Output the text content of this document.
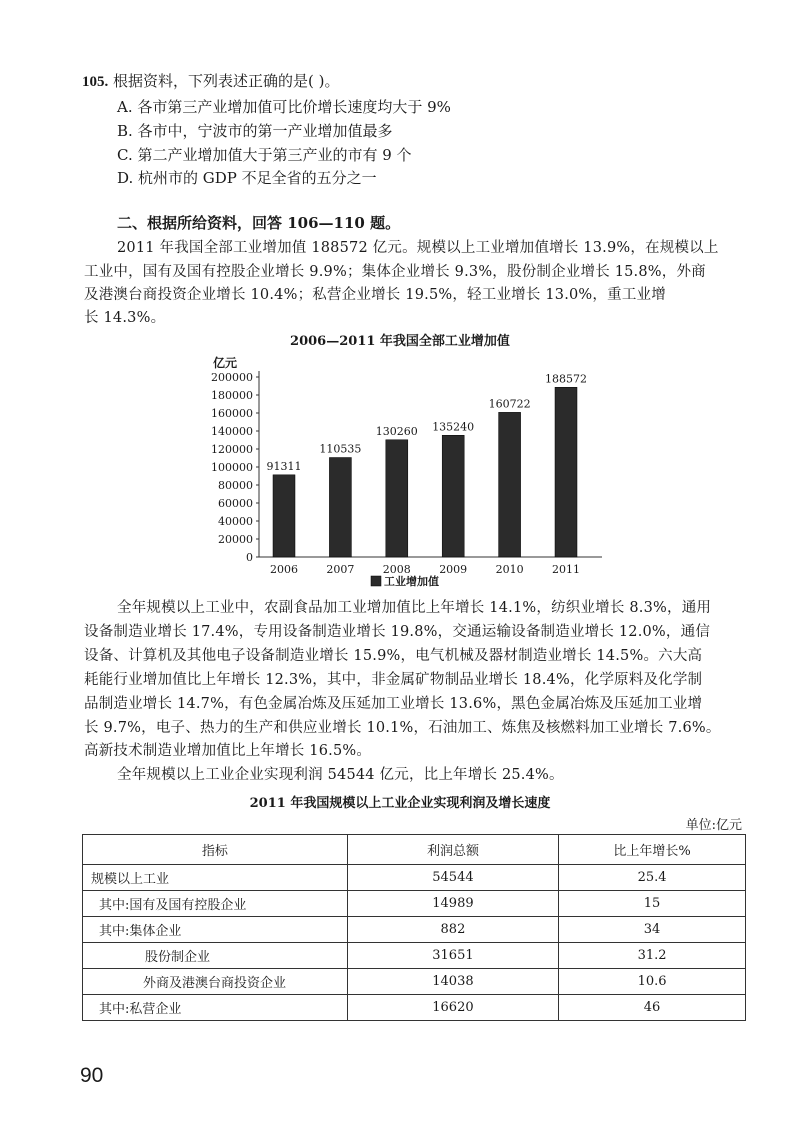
105. 根据资料，下列表述正确的是( )。
A. 各市第三产业增加值可比价增长速度均大于 9%
B. 各市中，宁波市的第一产业增加值最多
C. 第二产业增加值大于第三产业的市有 9 个
D. 杭州市的 GDP 不足全省的五分之一
二、根据所给资料，回答 106—110 题。
2011 年我国全部工业增加值 188572 亿元。规模以上工业增加值增长 13.9%，在规模以上
工业中，国有及国有控股企业增长 9.9%；集体企业增长 9.3%，股份制企业增长 15.8%，外商
及港澳台商投资企业增长 10.4%；私营企业增长 19.5%，轻工业增长 13.0%，重工业增
长 14.3%。
2006—2011 年我国全部工业增加值
亿元
200000
180000
160000
140000
120000
100000
80000
60000
40000
20000
0
2006	2007	2008	2009	2010	2011
91311
110535
130260 135240
160722
188572
工业增加值
全年规模以上工业中，农副食品加工业增加值比上年增长 14.1%，纺织业增长 8.3%，通用
设备制造业增长 17.4%，专用设备制造业增长 19.8%，交通运输设备制造业增长 12.0%，通信
设备、计算机及其他电子设备制造业增长 15.9%，电气机械及器材制造业增长 14.5%。六大高
耗能行业增加值比上年增长 12.3%，其中，非金属矿物制品业增长 18.4%，化学原料及化学制
品制造业增长 14.7%，有色金属冶炼及压延加工业增长 13.6%，黑色金属冶炼及压延加工业增
长 9.7%，电子、热力的生产和供应业增长 10.1%，石油加工、炼焦及核燃料加工业增长 7.6%。
高新技术制造业增加值比上年增长 16.5%。
全年规模以上工业企业实现利润 54544 亿元，比上年增长 25.4%。
2011 年我国规模以上工业企业实现利润及增长速度
单位:亿元
指标	利润总额	比上年增长%
规模以上工业	54544	25.4
其中:国有及国有控股企业	14989	15
其中:集体企业	882	34
股份制企业	31651	31.2
外商及港澳台商投资企业	14038	10.6
其中:私营企业	16620	46
90
